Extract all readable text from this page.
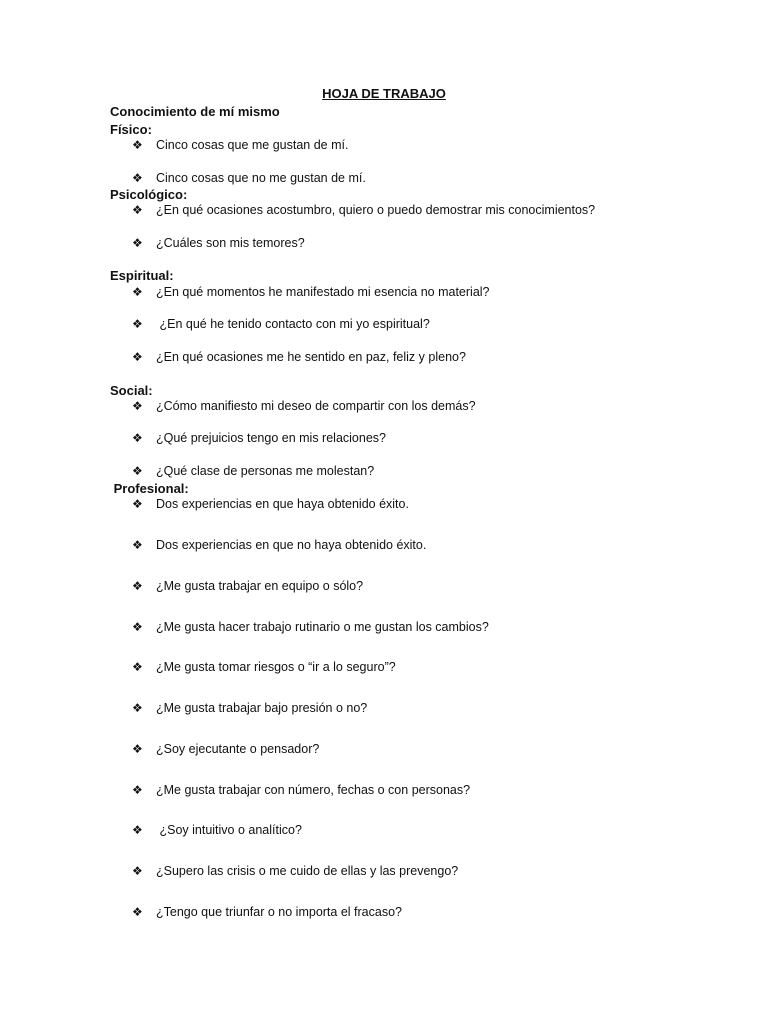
HOJA DE TRABAJO
Conocimiento de mí mismo
Físico:
❖	Cinco cosas que me gustan de mí.
❖	Cinco cosas que no me gustan de mí.
Psicológico:
❖	¿En qué ocasiones acostumbro, quiero o puedo demostrar mis conocimientos?
❖	¿Cuáles son mis temores?
Espiritual:
❖	¿En qué momentos he manifestado mi esencia no material?
❖	¿En qué he tenido contacto con mi yo espiritual?
❖	¿En qué ocasiones me he sentido en paz, feliz y pleno?
Social:
❖	¿Cómo manifiesto mi deseo de compartir con los demás?
❖	¿Qué prejuicios tengo en mis relaciones?
❖	¿Qué clase de personas me molestan?
Profesional:
❖	Dos experiencias en que haya obtenido éxito.
❖	Dos experiencias en que no haya obtenido éxito.
❖	¿Me gusta trabajar en equipo o sólo?
❖	¿Me gusta hacer trabajo rutinario o me gustan los cambios?
❖	¿Me gusta tomar riesgos o “ir a lo seguro”?
❖	¿Me gusta trabajar bajo presión o no?
❖	¿Soy ejecutante o pensador?
❖	¿Me gusta trabajar con número, fechas o con personas?
❖	¿Soy intuitivo o analítico?
❖	¿Supero las crisis o me cuido de ellas y las prevengo?
❖	¿Tengo que triunfar o no importa el fracaso?
